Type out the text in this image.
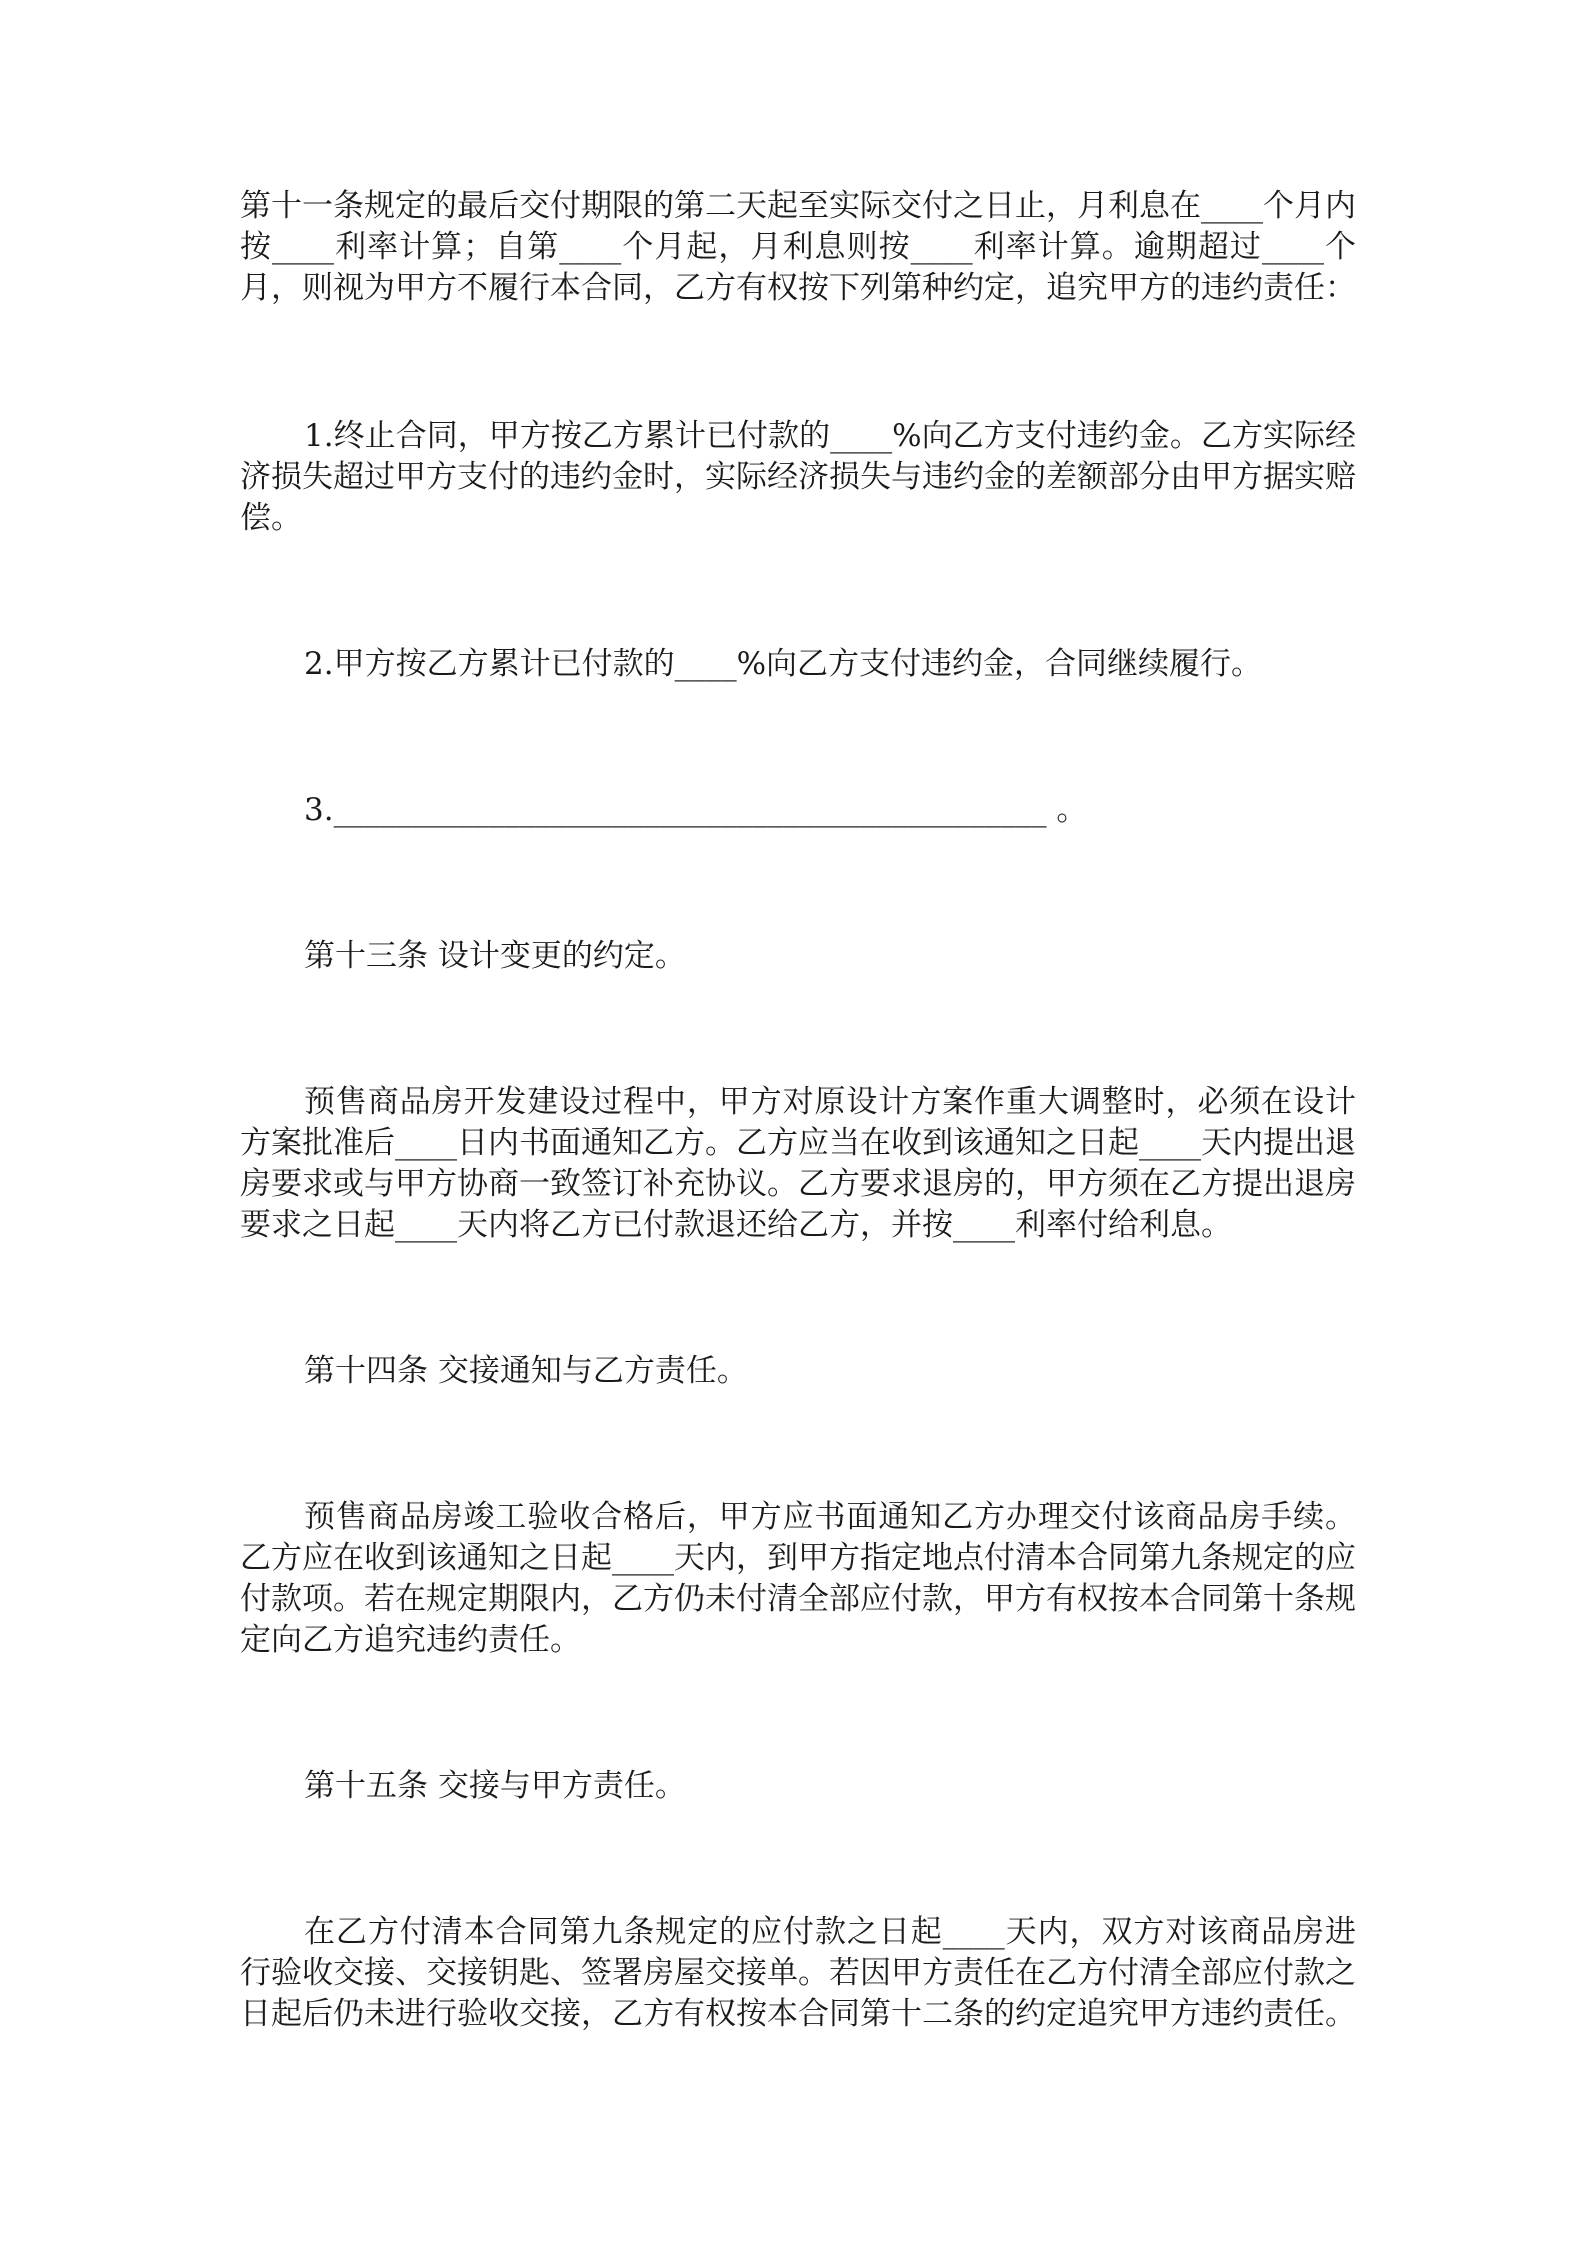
第十一条规定的最后交付期限的第二天起至实际交付之日止，月利息在____个月内按____利率计算；自第____个月起，月利息则按____利率计算。逾期超过____个月，则视为甲方不履行本合同，乙方有权按下列第种约定，追究甲方的违约责任：

1.终止合同，甲方按乙方累计已付款的____%向乙方支付违约金。乙方实际经济损失超过甲方支付的违约金时，实际经济损失与违约金的差额部分由甲方据实赔偿。

2.甲方按乙方累计已付款的____%向乙方支付违约金，合同继续履行。

3.______________________________________________ 。

第十三条 设计变更的约定。

预售商品房开发建设过程中，甲方对原设计方案作重大调整时，必须在设计方案批准后____日内书面通知乙方。乙方应当在收到该通知之日起____天内提出退房要求或与甲方协商一致签订补充协议。乙方要求退房的，甲方须在乙方提出退房要求之日起____天内将乙方已付款退还给乙方，并按____利率付给利息。

第十四条 交接通知与乙方责任。

预售商品房竣工验收合格后，甲方应书面通知乙方办理交付该商品房手续。乙方应在收到该通知之日起____天内，到甲方指定地点付清本合同第九条规定的应付款项。若在规定期限内，乙方仍未付清全部应付款，甲方有权按本合同第十条规定向乙方追究违约责任。

第十五条 交接与甲方责任。

在乙方付清本合同第九条规定的应付款之日起____天内，双方对该商品房进行验收交接、交接钥匙、签署房屋交接单。若因甲方责任在乙方付清全部应付款之日起后仍未进行验收交接，乙方有权按本合同第十二条的约定追究甲方违约责任。
